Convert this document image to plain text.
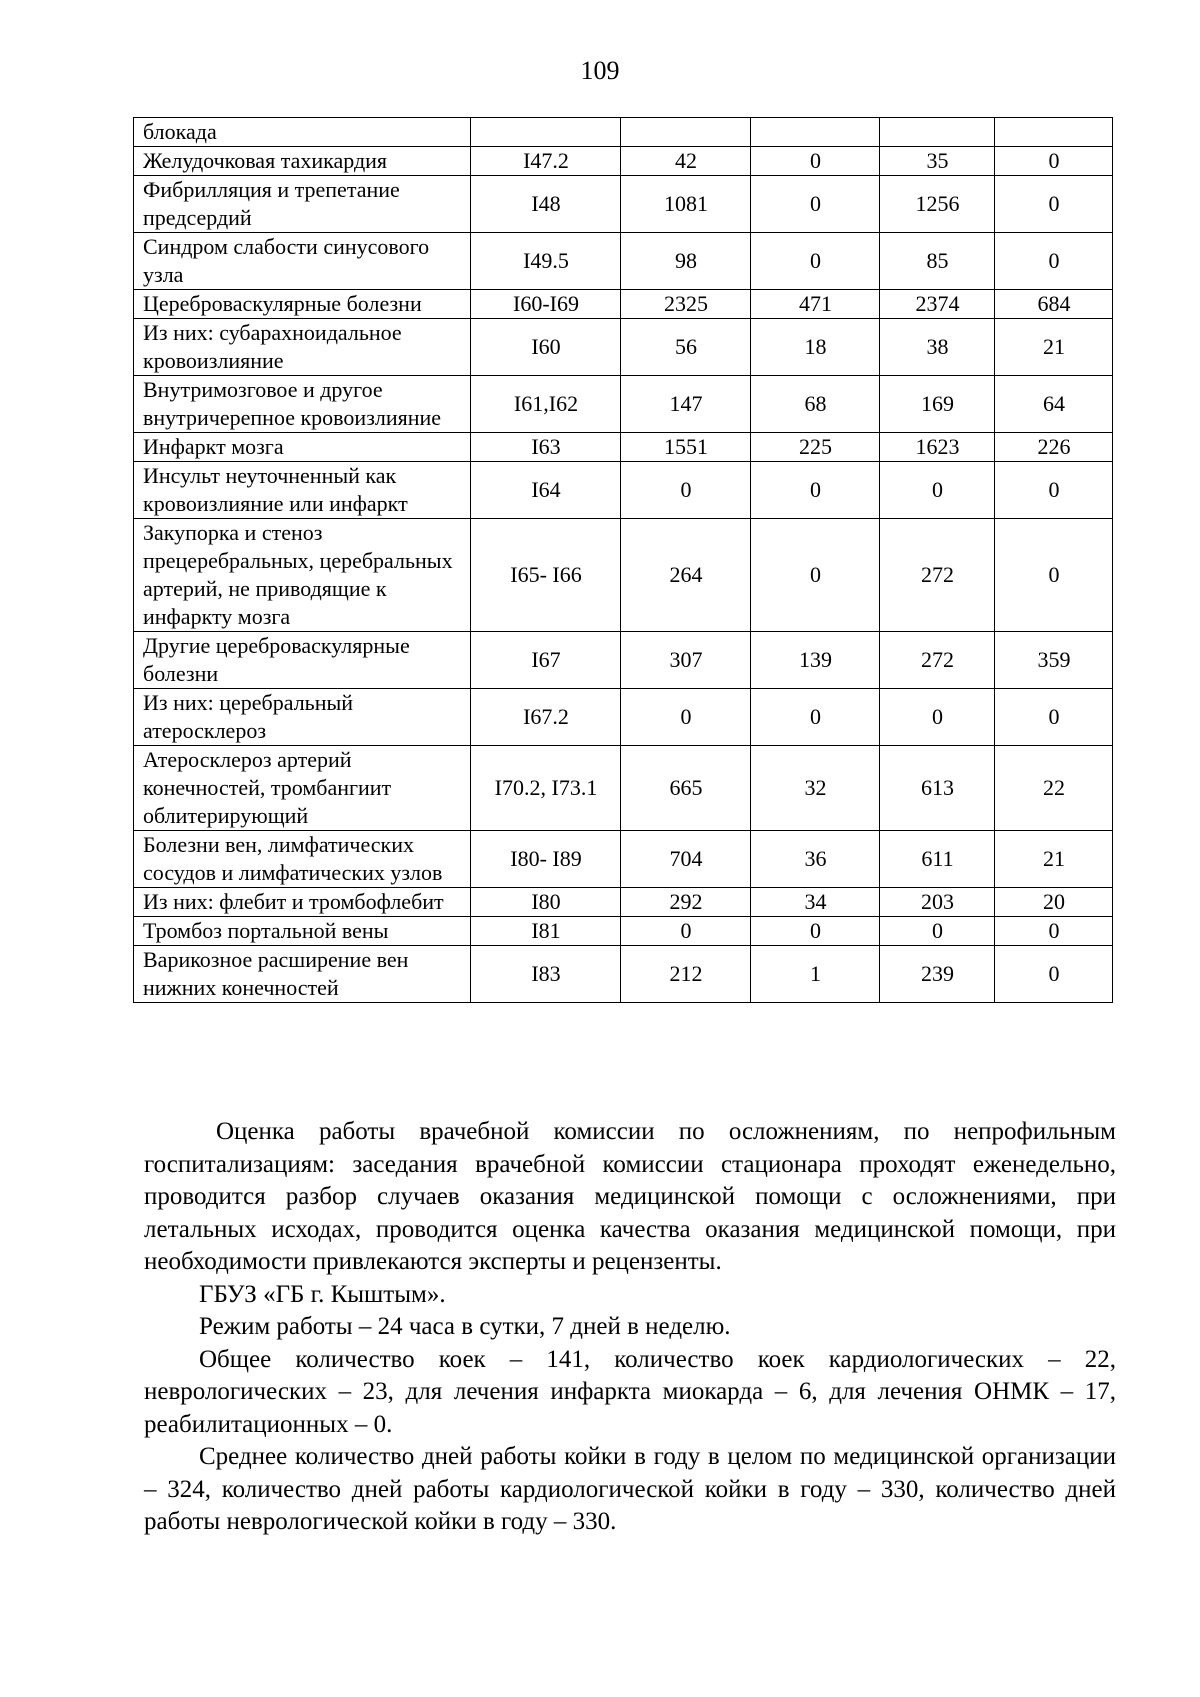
109
блокада					
Желудочковая тахикардия	I47.2	42	0	35	0
Фибрилляция и трепетание предсердий	I48	1081	0	1256	0
Синдром слабости синусового узла	I49.5	98	0	85	0
Цереброваскулярные болезни	I60-I69	2325	471	2374	684
Из них: субарахноидальное кровоизлияние	I60	56	18	38	21
Внутримозговое и другое внутричерепное кровоизлияние	I61,I62	147	68	169	64
Инфаркт мозга	I63	1551	225	1623	226
Инсульт неуточненный как кровоизлияние или инфаркт	I64	0	0	0	0
Закупорка и стеноз прецеребральных, церебральных артерий, не приводящие к инфаркту мозга	I65- I66	264	0	272	0
Другие цереброваскулярные болезни	I67	307	139	272	359
Из них: церебральный атеросклероз	I67.2	0	0	0	0
Атеросклероз артерий конечностей, тромбангиит облитерирующий	I70.2, I73.1	665	32	613	22
Болезни вен, лимфатических сосудов и лимфатических узлов	I80- I89	704	36	611	21
Из них: флебит и тромбофлебит	I80	292	34	203	20
Тромбоз портальной вены	I81	0	0	0	0
Варикозное расширение вен нижних конечностей	I83	212	1	239	0

Оценка работы врачебной комиссии по осложнениям, по непрофильным госпитализациям: заседания врачебной комиссии стационара проходят еженедельно, проводится разбор случаев оказания медицинской помощи с осложнениями, при летальных исходах, проводится оценка качества оказания медицинской помощи, при необходимости привлекаются эксперты и рецензенты.

ГБУЗ «ГБ г. Кыштым».

Режим работы – 24 часа в сутки, 7 дней в неделю.

Общее количество коек – 141, количество коек кардиологических – 22, неврологических – 23, для лечения инфаркта миокарда – 6, для лечения ОНМК – 17, реабилитационных – 0.

Среднее количество дней работы койки в году в целом по медицинской организации – 324, количество дней работы кардиологической койки в году – 330, количество дней работы неврологической койки в году – 330.
